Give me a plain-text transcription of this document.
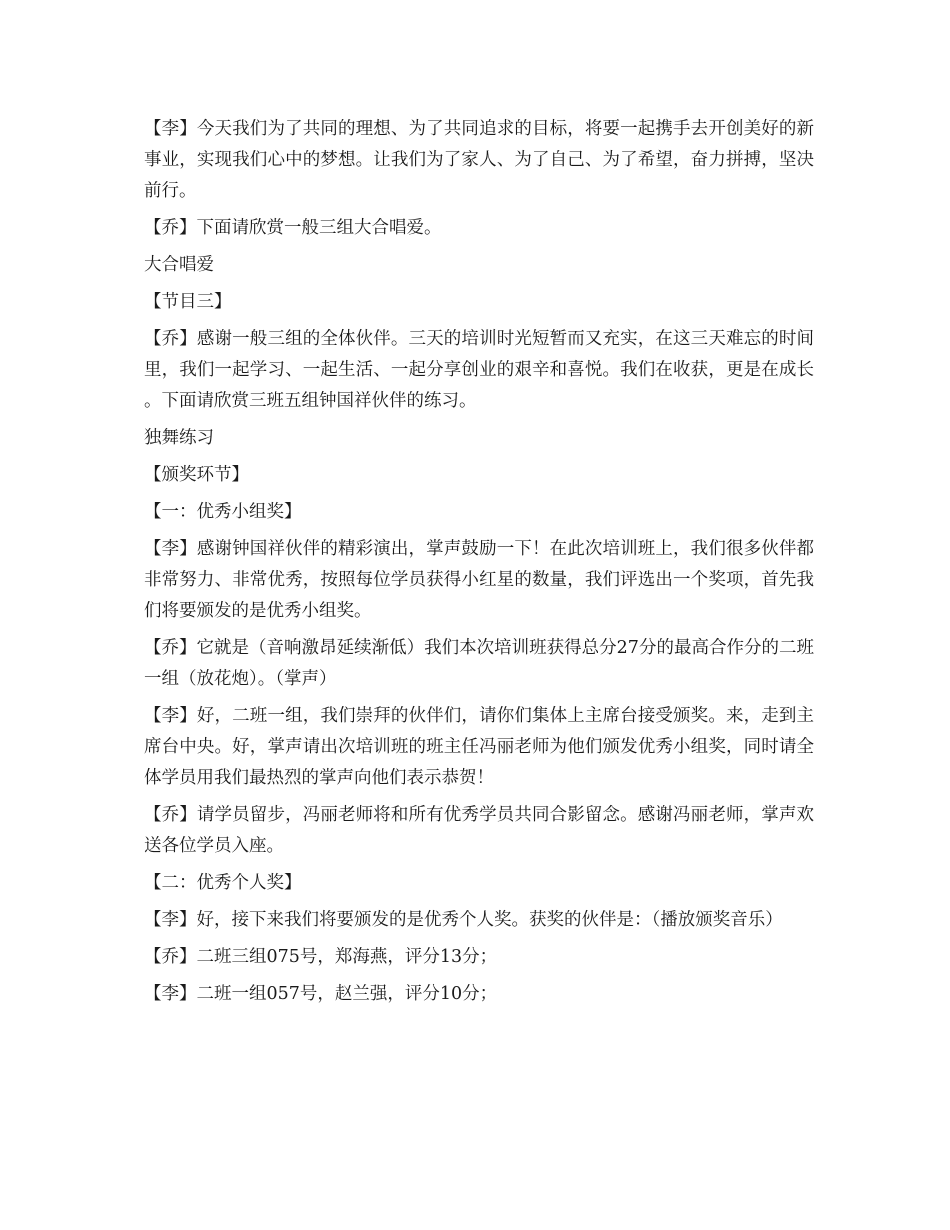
【李】今天我们为了共同的理想、为了共同追求的目标，将要一起携手去开创美好的新事业，实现我们心中的梦想。让我们为了家人、为了自己、为了希望，奋力拼搏，坚决前行。

【乔】下面请欣赏一般三组大合唱爱。

大合唱爱

【节目三】

【乔】感谢一般三组的全体伙伴。三天的培训时光短暂而又充实，在这三天难忘的时间里，我们一起学习、一起生活、一起分享创业的艰辛和喜悦。我们在收获，更是在成长。下面请欣赏三班五组钟国祥伙伴的练习。

独舞练习

【颁奖环节】

【一：优秀小组奖】

【李】感谢钟国祥伙伴的精彩演出，掌声鼓励一下！在此次培训班上，我们很多伙伴都非常努力、非常优秀，按照每位学员获得小红星的数量，我们评选出一个奖项，首先我们将要颁发的是优秀小组奖。

【乔】它就是（音响激昂延续渐低）我们本次培训班获得总分27分的最高合作分的二班一组（放花炮）。（掌声）

【李】好，二班一组，我们崇拜的伙伴们，请你们集体上主席台接受颁奖。来，走到主席台中央。好，掌声请出次培训班的班主任冯丽老师为他们颁发优秀小组奖，同时请全体学员用我们最热烈的掌声向他们表示恭贺！

【乔】请学员留步，冯丽老师将和所有优秀学员共同合影留念。感谢冯丽老师，掌声欢送各位学员入座。

【二：优秀个人奖】

【李】好，接下来我们将要颁发的是优秀个人奖。获奖的伙伴是：（播放颁奖音乐）

【乔】二班三组075号，郑海燕，评分13分；

【李】二班一组057号，赵兰强，评分10分；
